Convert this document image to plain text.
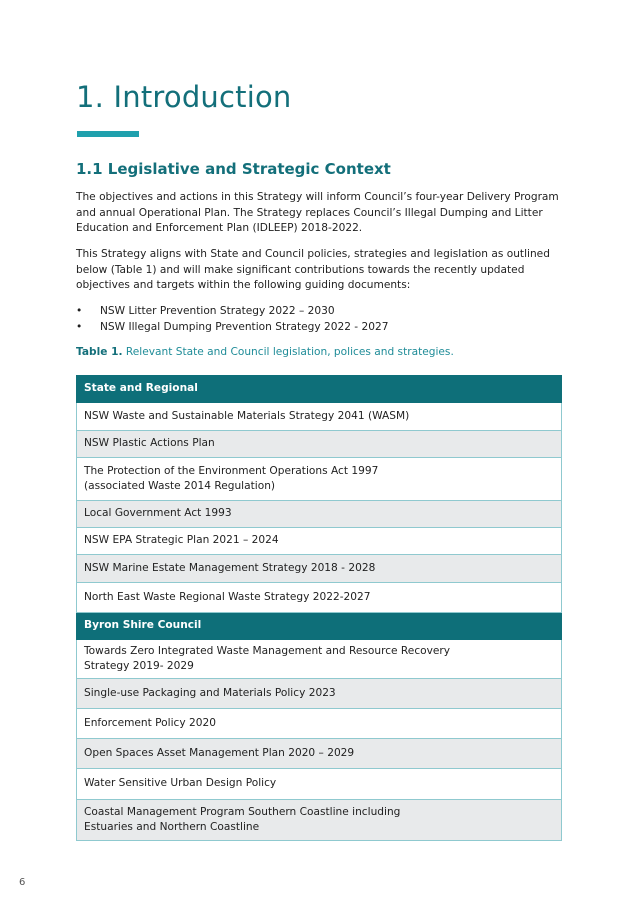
1. Introduction
1.1 Legislative and Strategic Context

The objectives and actions in this Strategy will inform Council’s four-year Delivery Program and annual Operational Plan. The Strategy replaces Council’s Illegal Dumping and Litter Education and Enforcement Plan (IDLEEP) 2018-2022.

This Strategy aligns with State and Council policies, strategies and legislation as outlined below (Table 1) and will make significant contributions towards the recently updated objectives and targets within the following guiding documents:

• NSW Litter Prevention Strategy 2022 – 2030
• NSW Illegal Dumping Prevention Strategy 2022 - 2027

Table 1. Relevant State and Council legislation, polices and strategies.

State and Regional
NSW Waste and Sustainable Materials Strategy 2041 (WASM)
NSW Plastic Actions Plan
The Protection of the Environment Operations Act 1997
(associated Waste 2014 Regulation)
Local Government Act 1993
NSW EPA Strategic Plan 2021 – 2024
NSW Marine Estate Management Strategy 2018 - 2028
North East Waste Regional Waste Strategy 2022-2027
Byron Shire Council
Towards Zero Integrated Waste Management and Resource Recovery
Strategy 2019- 2029
Single-use Packaging and Materials Policy 2023
Enforcement Policy 2020
Open Spaces Asset Management Plan 2020 – 2029
Water Sensitive Urban Design Policy
Coastal Management Program Southern Coastline including
Estuaries and Northern Coastline
6
